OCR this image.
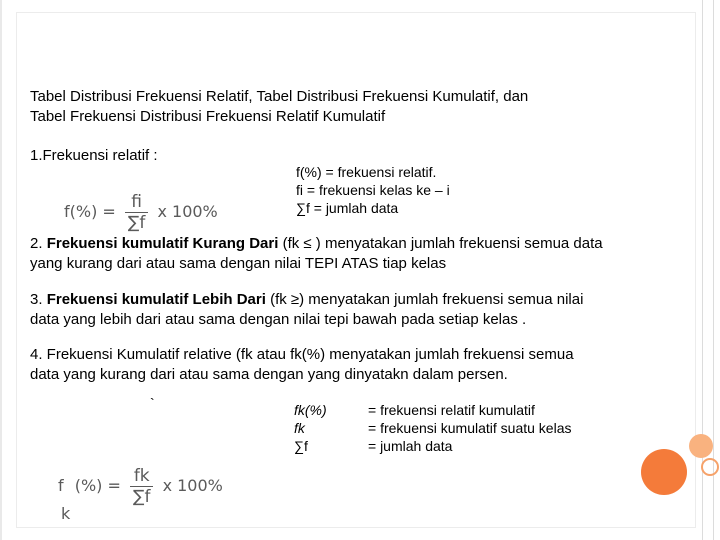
Tabel Distribusi Frekuensi Relatif, Tabel Distribusi Frekuensi Kumulatif, dan
Tabel Frekuensi Distribusi Frekuensi Relatif Kumulatif
1.Frekuensi relatif :
$f(\%) = \frac{fi}{\sum f}$ x 100%
f(%) = frekuensi relatif.
fi = frekuensi kelas ke – i
∑f = jumlah data
2. Frekuensi kumulatif Kurang Dari (fk ≤ ) menyatakan jumlah frekuensi semua data
yang kurang dari atau sama dengan nilai TEPI ATAS tiap kelas
3. Frekuensi kumulatif Lebih Dari (fk ≥) menyatakan jumlah frekuensi semua nilai
data yang lebih dari atau sama dengan nilai tepi bawah pada setiap kelas .
4. Frekuensi Kumulatif relative (fk atau fk(%) menyatakan jumlah frekuensi semua
data yang kurang dari atau sama dengan yang dinyatakn dalam persen.
`	fk(%)	= frekuensi relatif kumulatif
fk	= frekuensi kumulatif suatu kelas
∑f	= jumlah data
f
k
(%) = $\frac{fk}{\sum f}$ x 100%
